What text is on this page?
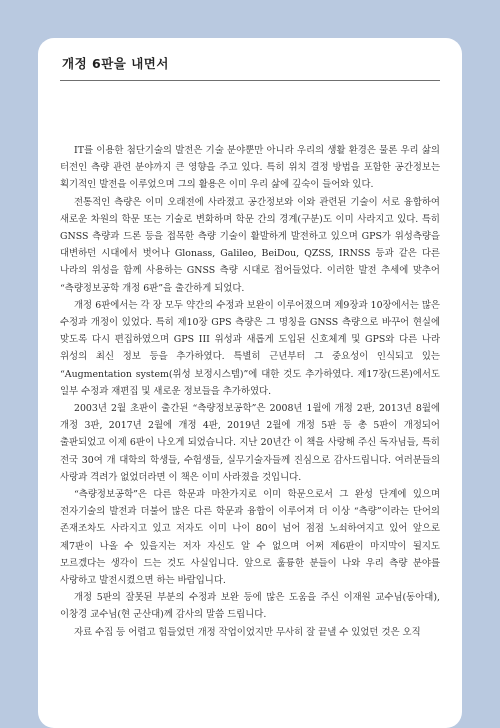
개정 6판을 내면서

IT를 이용한 첨단기술의 발전은 기술 분야뿐만 아니라 우리의 생활 환경은 물론 우리 삶의 터전인 측량 관련 분야까지 큰 영향을 주고 있다. 특히 위치 결정 방법을 포함한 공간정보는 획기적인 발전을 이루었으며 그의 활용은 이미 우리 삶에 깊숙이 들어와 있다.

전통적인 측량은 이미 오래전에 사라졌고 공간정보와 이와 관련된 기술이 서로 융합하여 새로운 차원의 학문 또는 기술로 변화하며 학문 간의 경계(구분)도 이미 사라지고 있다. 특히 GNSS 측량과 드론 등을 접목한 측량 기술이 활발하게 발전하고 있으며 GPS가 위성측량을 대변하던 시대에서 벗어나 Glonass, Galileo, BeiDou, QZSS, IRNSS 등과 같은 다른 나라의 위성을 함께 사용하는 GNSS 측량 시대로 접어들었다. 이러한 발전 추세에 맞추어 “측량정보공학 개정 6판”을 출간하게 되었다.

개정 6판에서는 각 장 모두 약간의 수정과 보완이 이루어졌으며 제9장과 10장에서는 많은 수정과 개정이 있었다. 특히 제10장 GPS 측량은 그 명칭을 GNSS 측량으로 바꾸어 현실에 맞도록 다시 편집하였으며 GPS III 위성과 새롭게 도입된 신호체계 및 GPS와 다른 나라 위성의 최신 정보 등을 추가하였다. 특별히 근년부터 그 중요성이 인식되고 있는 “Augmentation system(위성 보정시스템)”에 대한 것도 추가하였다. 제17장(드론)에서도 일부 수정과 재편집 및 새로운 정보들을 추가하였다.

2003년 2월 초판이 출간된 “측량정보공학”은 2008년 1월에 개정 2판, 2013년 8월에 개정 3판, 2017년 2월에 개정 4판, 2019년 2월에 개정 5판 등 총 5판이 개정되어 출판되었고 이제 6판이 나오게 되었습니다. 지난 20년간 이 책을 사랑해 주신 독자님들, 특히 전국 30여 개 대학의 학생들, 수험생들, 실무기술자들께 진심으로 감사드립니다. 여러분들의 사랑과 격려가 없었더라면 이 책은 이미 사라졌을 것입니다.

“측량정보공학”은 다른 학문과 마찬가지로 이미 학문으로서 그 완성 단계에 있으며 전자기술의 발전과 더불어 많은 다른 학문과 융합이 이루어져 더 이상 “측량”이라는 단어의 존재조차도 사라지고 있고 저자도 이미 나이 80이 넘어 점점 노쇠하여지고 있어 앞으로 제7판이 나올 수 있을지는 저자 자신도 알 수 없으며 어쩌 제6판이 마지막이 될지도 모르겠다는 생각이 드는 것도 사실입니다. 앞으로 훌륭한 분들이 나와 우리 측량 분야를 사랑하고 발전시켰으면 하는 바람입니다.

개정 5판의 잘못된 부분의 수정과 보완 등에 많은 도움을 주신 이재원 교수님(동아대), 이창경 교수님(현 군산대)께 감사의 말씀 드립니다.

자료 수집 등 어렵고 힘들었던 개정 작업이었지만 무사히 잘 끝낼 수 있었던 것은 오직
